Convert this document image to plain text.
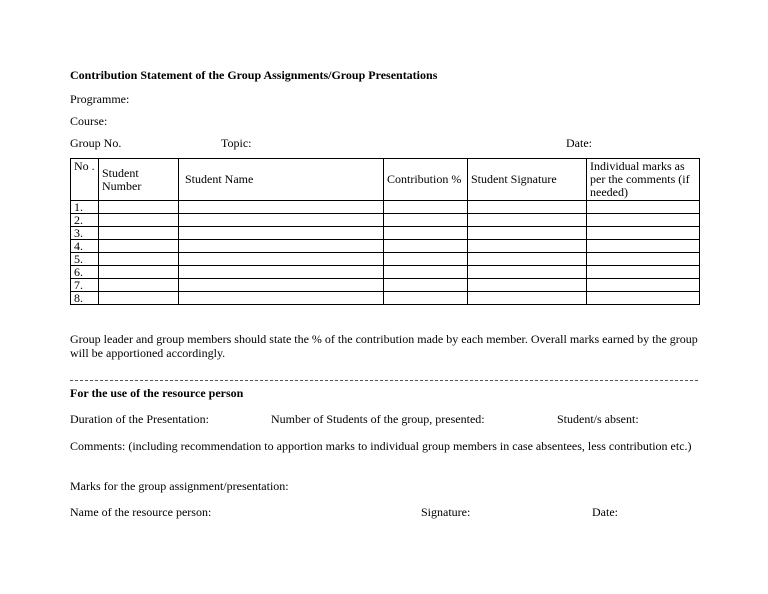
Contribution Statement of the Group Assignments/Group Presentations
Programme:
Course:
Group No.	Topic:	Date:
No .	Student Number	Student Name	Contribution %	Student Signature	Individual marks as per the comments (if needed)
1.					
2.					
3.					
4.					
5.					
6.					
7.					
8.					
Group leader and group members should state the % of the contribution made by each member. Overall marks earned by the group will be apportioned accordingly.
For the use of the resource person
Duration of the Presentation:	Number of Students of the group, presented:	Student/s absent:
Comments: (including recommendation to apportion marks to individual group members in case absentees, less contribution etc.)
Marks for the group assignment/presentation:
Name of the resource person:	Signature:	Date:
